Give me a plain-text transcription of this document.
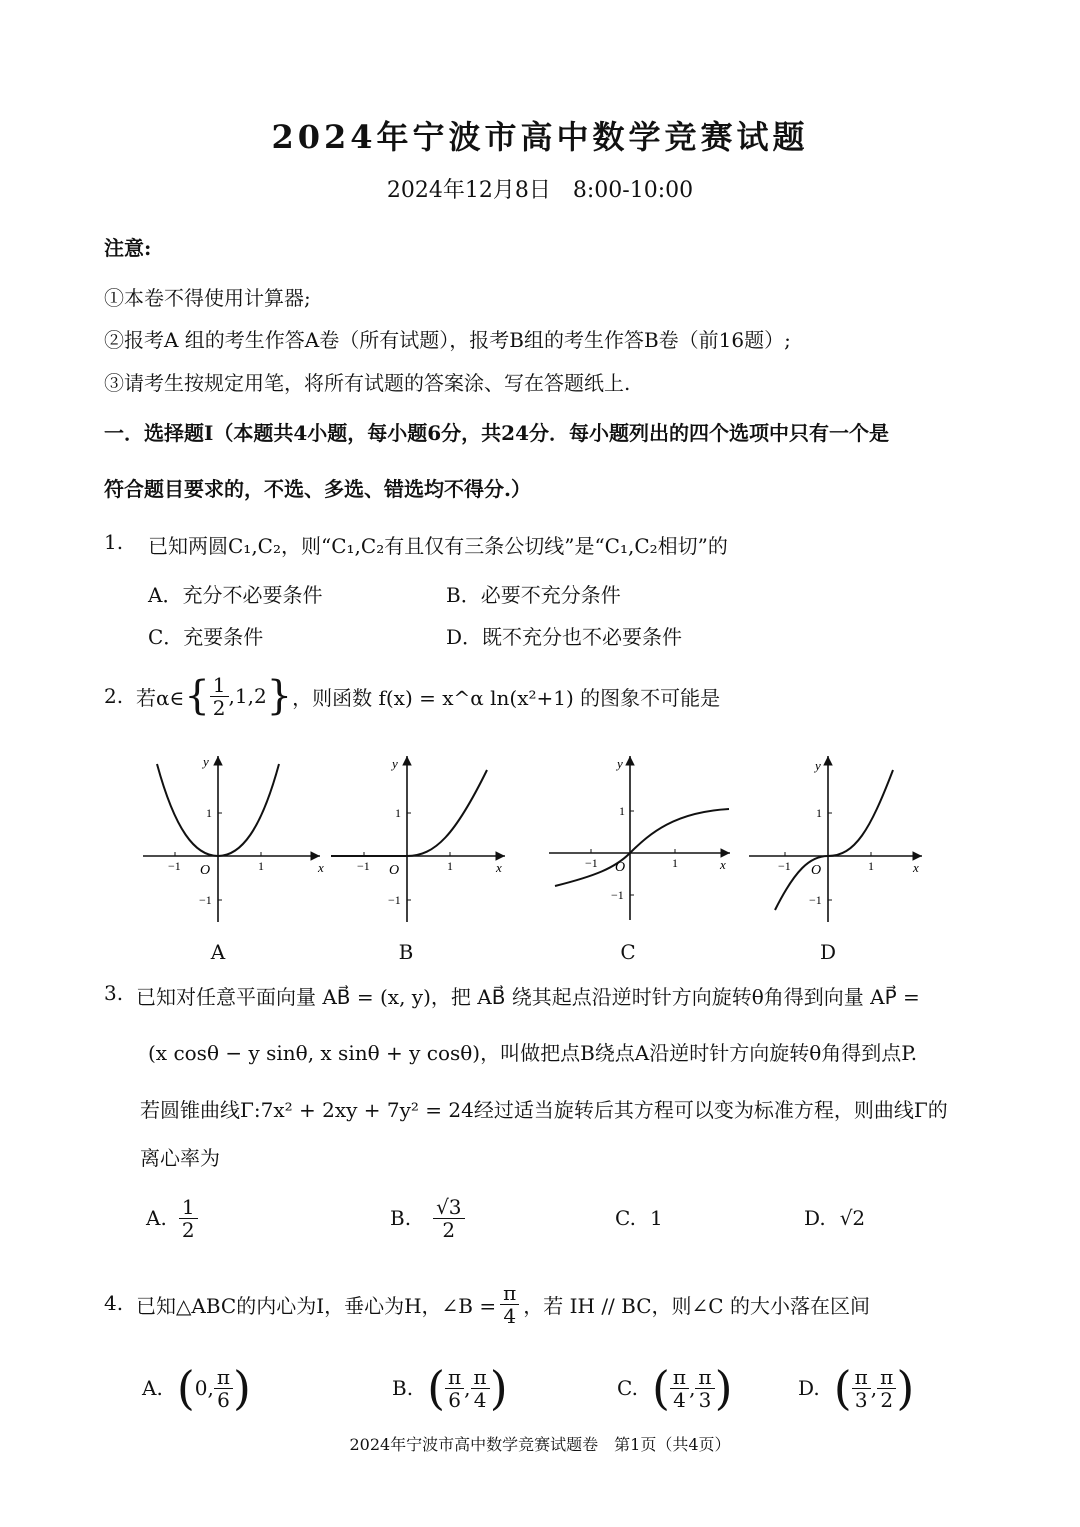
2024年宁波市高中数学竞赛试题
2024年12月8日　8:00-10:00
注意:
①本卷不得使用计算器;
②报考A 组的考生作答A卷（所有试题），报考B组的考生作答B卷（前16题）;
③请考生按规定用笔，将所有试题的答案涂、写在答题纸上.
一．选择题I（本题共4小题，每小题6分，共24分．每小题列出的四个选项中只有一个是
符合题目要求的，不选、多选、错选均不得分.）
1. 已知两圆C₁,C₂，则“C₁,C₂有且仅有三条公切线”是“C₁,C₂相切”的
A．充分不必要条件	B．必要不充分条件
C．充要条件	D．既不充分也不必要条件
2. 若α∈ { $\frac{1}{2} ,1,2$ } ，则函数 f(x) = x^α ln(x²+1) 的图象不可能是
y
x
O
1
−1
−1	1
y
x
O
1
−1
−1	1
y
x
O
1
−1
−1	1
y
x
O
1
−1
−1	1
A	B	C	D
3. 已知对任意平面向量 AB⃗ = (x, y)，把 AB⃗ 绕其起点沿逆时针方向旋转θ角得到向量 AP⃗ =
(x cosθ − y sinθ, x sinθ + y cosθ)，叫做把点B绕点A沿逆时针方向旋转θ角得到点P.
若圆锥曲线Γ:7x² + 2xy + 7y² = 24经过适当旋转后其方程可以变为标准方程，则曲线Γ的
离心率为
A. $\frac{1}{2}$	B. $\frac{√3}{2}$	C. 1	D. √2
4. 已知△ABC的内心为I，垂心为H，∠B = $\frac{\pi}{4}$ ，若 IH // BC，则∠C 的大小落在区间
A. ( 0, $\frac{\pi}{6}$ )	B. ( $\frac{\pi}{6}$ , $\frac{\pi}{4}$ )	C. ( $\frac{\pi}{4}$ , $\frac{\pi}{3}$ )	D. ( $\frac{\pi}{3}$ , $\frac{\pi}{2}$ )
2024年宁波市高中数学竞赛试题卷　第1页（共4页）
